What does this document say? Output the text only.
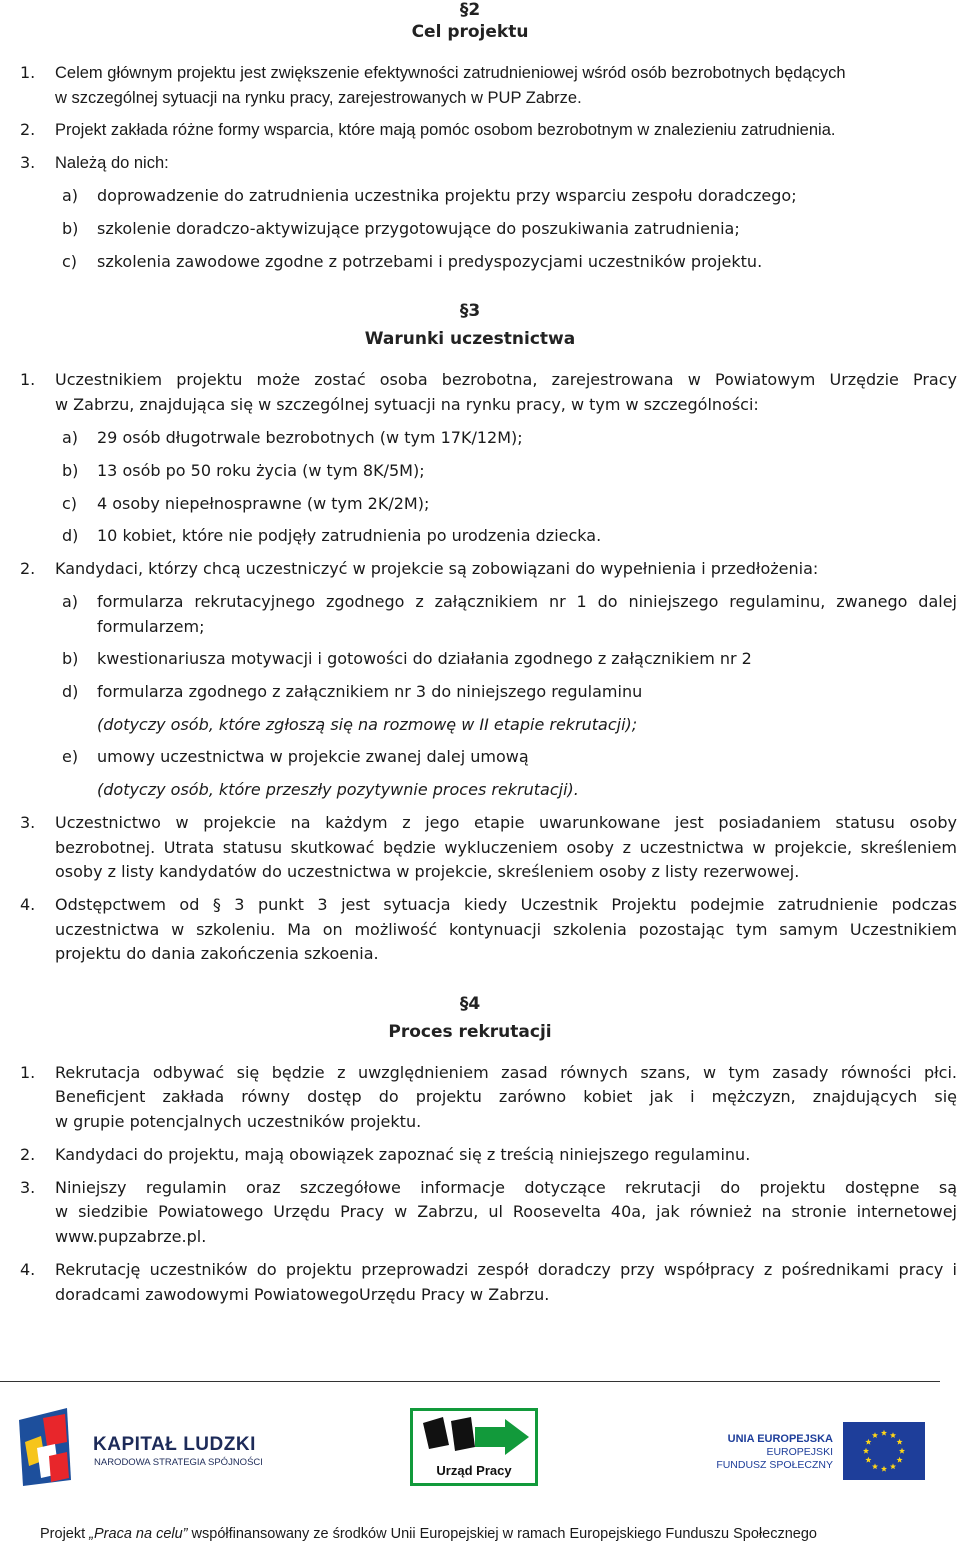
§2
Cel projektu
1.	Celem głównym projektu jest zwiększenie efektywności zatrudnieniowej wśród osób bezrobotnych będących
w szczególnej sytuacji na rynku pracy, zarejestrowanych w PUP Zabrze.
2.	Projekt zakłada różne formy wsparcia, które mają pomóc osobom bezrobotnym w znalezieniu zatrudnienia.
3.	Należą do nich:
a) doprowadzenie do zatrudnienia uczestnika projektu przy wsparciu zespołu doradczego;
b) szkolenie doradczo-aktywizujące przygotowujące do poszukiwania zatrudnienia;
c) szkolenia zawodowe zgodne z potrzebami i predyspozycjami uczestników projektu.
§3
Warunki uczestnictwa
1.	Uczestnikiem projektu może zostać osoba bezrobotna, zarejestrowana w Powiatowym Urzędzie Pracy
w Zabrzu, znajdująca się w szczególnej sytuacji na rynku pracy, w tym w szczególności:
a) 29 osób długotrwale bezrobotnych (w tym 17K/12M);
b) 13 osób po 50 roku życia (w tym 8K/5M);
c) 4 osoby niepełnosprawne (w tym 2K/2M);
d) 10 kobiet, które nie podjęły zatrudnienia po urodzenia dziecka.
2.	Kandydaci, którzy chcą uczestniczyć w projekcie są zobowiązani do wypełnienia i przedłożenia:
a) formularza rekrutacyjnego zgodnego z załącznikiem nr 1 do niniejszego regulaminu, zwanego dalej
formularzem;
b) kwestionariusza motywacji i gotowości do działania zgodnego z załącznikiem nr 2
d) formularza zgodnego z załącznikiem nr 3 do niniejszego regulaminu
(dotyczy osób, które zgłoszą się na rozmowę w II etapie rekrutacji);
e) umowy uczestnictwa w projekcie zwanej dalej umową
(dotyczy osób, które przeszły pozytywnie proces rekrutacji).
3.	Uczestnictwo w projekcie na każdym z jego etapie uwarunkowane jest posiadaniem statusu osoby
bezrobotnej. Utrata statusu skutkować będzie wykluczeniem osoby z uczestnictwa w projekcie, skreśleniem
osoby z listy kandydatów do uczestnictwa w projekcie, skreśleniem osoby z listy rezerwowej.
4.	Odstępctwem od § 3 punkt 3 jest sytuacja kiedy Uczestnik Projektu podejmie zatrudnienie podczas
uczestnictwa w szkoleniu. Ma on możliwość kontynuacji szkolenia pozostając tym samym Uczestnikiem
projektu do dania zakończenia szkoenia.
§4
Proces rekrutacji
1.	Rekrutacja odbywać się będzie z uwzględnieniem zasad równych szans, w tym zasady równości płci.
Beneficjent zakłada równy dostęp do projektu zarówno kobiet jak i mężczyzn, znajdujących się
w grupie potencjalnych uczestników projektu.
2.	Kandydaci do projektu, mają obowiązek zapoznać się z treścią niniejszego regulaminu.
3.	Niniejszy regulamin oraz szczegółowe informacje dotyczące rekrutacji do projektu dostępne są
w siedzibie Powiatowego Urzędu Pracy w Zabrzu, ul Roosevelta 40a, jak również na stronie internetowej
www.pupzabrze.pl.
4.	Rekrutację uczestników do projektu przeprowadzi zespół doradczy przy współpracy z pośrednikami pracy i
doradcami zawodowymi PowiatowegoUrzędu Pracy w Zabrzu.
KAPITAŁ LUDZKI
NARODOWA STRATEGIA SPÓJNOŚCI
Urząd Pracy
UNIA EUROPEJSKA
EUROPEJSKI
FUNDUSZ SPOŁECZNY
Projekt „Praca na celu” współfinansowany ze środków Unii Europejskiej w ramach Europejskiego Funduszu Społecznego
